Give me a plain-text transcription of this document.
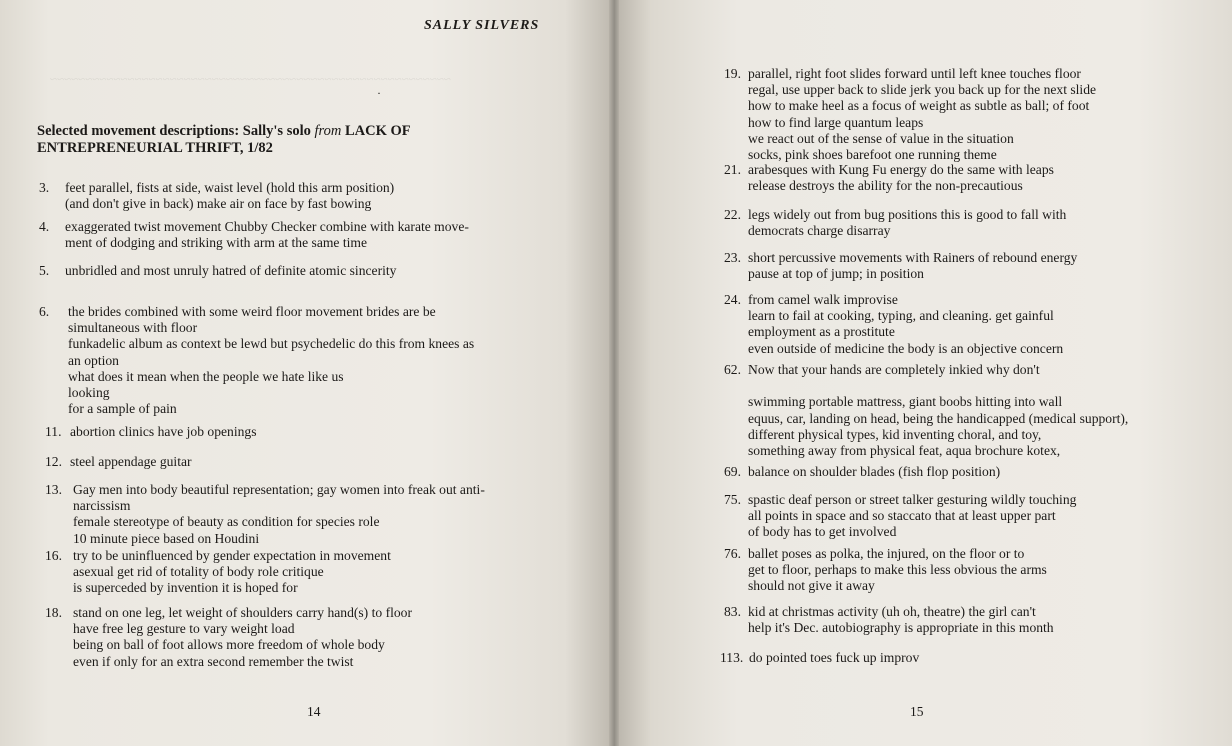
~~~~~~~~~~~~~~~~~~~~~~~~~~~~~~~~~~~~~~~~~~~~~~~~~~~~~~~~~
SALLY SILVERS
·
Selected movement descriptions: Sally's solo from LACK OF
ENTREPRENEURIAL THRIFT, 1/82
3. feet parallel, fists at side, waist level (hold this arm position)
(and don't give in back) make air on face by fast bowing
4. exaggerated twist movement Chubby Checker combine with karate move-
ment of dodging and striking with arm at the same time
5. unbridled and most unruly hatred of definite atomic sincerity
6. the brides combined with some weird floor movement brides are be
simultaneous with floor
funkadelic album as context be lewd but psychedelic do this from knees as
an option
what does it mean when the people we hate like us
looking
for a sample of pain
11. abortion clinics have job openings
12. steel appendage guitar
13. Gay men into body beautiful representation; gay women into freak out anti-
narcissism
female stereotype of beauty as condition for species role
10 minute piece based on Houdini
16. try to be uninfluenced by gender expectation in movement
asexual get rid of totality of body role critique
is superceded by invention it is hoped for
18. stand on one leg, let weight of shoulders carry hand(s) to floor
have free leg gesture to vary weight load
being on ball of foot allows more freedom of whole body
even if only for an extra second remember the twist
14
19. parallel, right foot slides forward until left knee touches floor
regal, use upper back to slide jerk you back up for the next slide
how to make heel as a focus of weight as subtle as ball; of foot
how to find large quantum leaps
we react out of the sense of value in the situation
socks, pink shoes barefoot one running theme
21. arabesques with Kung Fu energy do the same with leaps
release destroys the ability for the non-precautious
22. legs widely out from bug positions this is good to fall with
democrats charge disarray
23. short percussive movements with Rainers of rebound energy
pause at top of jump; in position
24. from camel walk improvise
learn to fail at cooking, typing, and cleaning. get gainful
employment as a prostitute
even outside of medicine the body is an objective concern
62. Now that your hands are completely inkied why don't

swimming portable mattress, giant boobs hitting into wall
equus, car, landing on head, being the handicapped (medical support),
different physical types, kid inventing choral, and toy,
something away from physical feat, aqua brochure kotex,
69. balance on shoulder blades (fish flop position)
75. spastic deaf person or street talker gesturing wildly touching
all points in space and so staccato that at least upper part
of body has to get involved
76. ballet poses as polka, the injured, on the floor or to
get to floor, perhaps to make this less obvious the arms
should not give it away
83. kid at christmas activity (uh oh, theatre) the girl can't
help it's Dec. autobiography is appropriate in this month
113. do pointed toes fuck up improv
15
